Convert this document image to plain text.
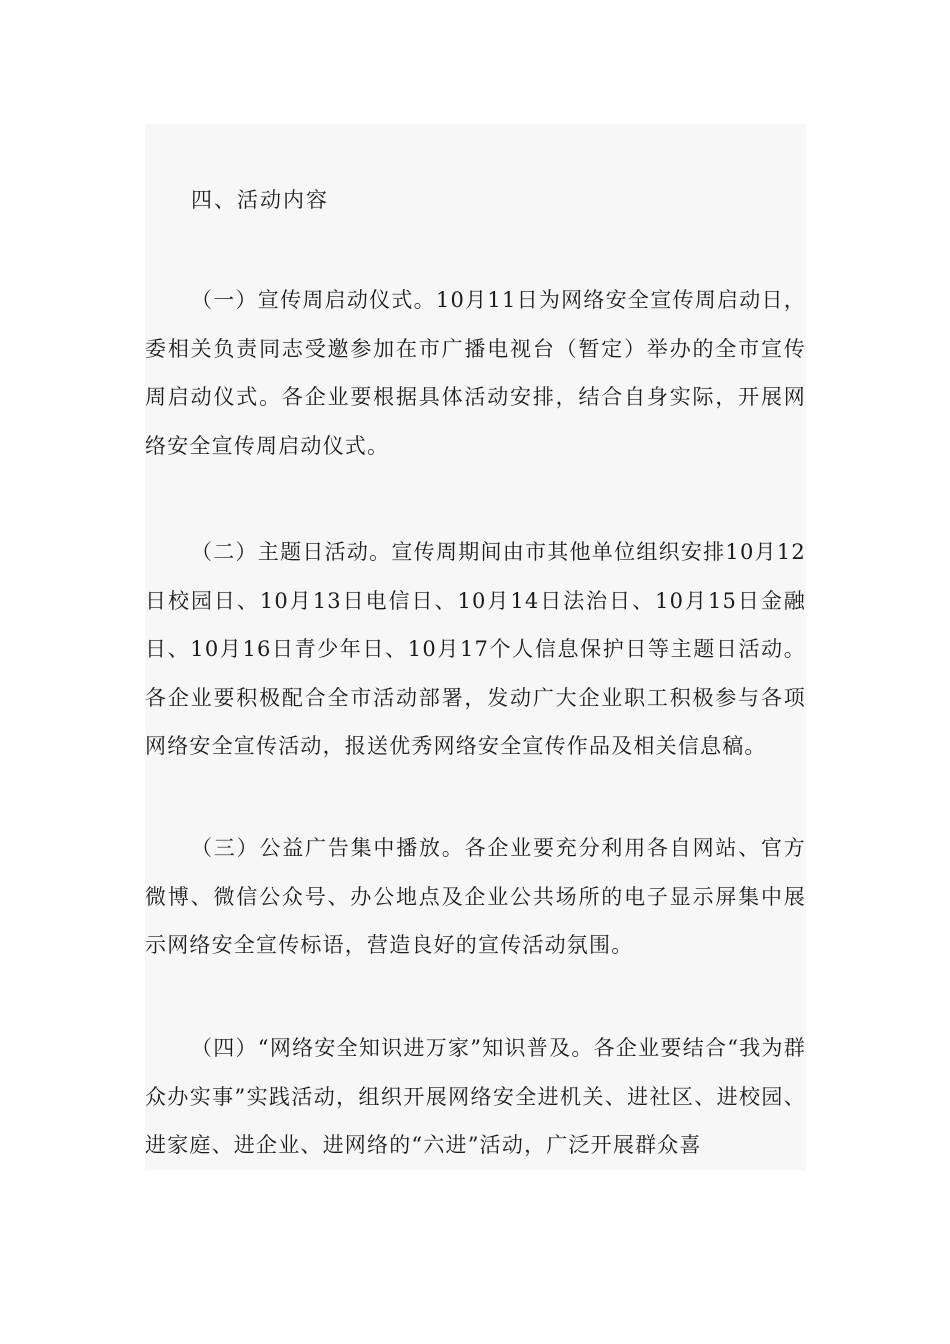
四、活动内容

（一）宣传周启动仪式。10月11日为网络安全宣传周启动日，委相关负责同志受邀参加在市广播电视台（暂定）举办的全市宣传周启动仪式。各企业要根据具体活动安排，结合自身实际，开展网络安全宣传周启动仪式。

（二）主题日活动。宣传周期间由市其他单位组织安排10月12日校园日、10月13日电信日、10月14日法治日、10月15日金融日、10月16日青少年日、10月17个人信息保护日等主题日活动。各企业要积极配合全市活动部署，发动广大企业职工积极参与各项网络安全宣传活动，报送优秀网络安全宣传作品及相关信息稿。

（三）公益广告集中播放。各企业要充分利用各自网站、官方微博、微信公众号、办公地点及企业公共场所的电子显示屏集中展示网络安全宣传标语，营造良好的宣传活动氛围。

（四）“网络安全知识进万家”知识普及。各企业要结合“我为群众办实事”实践活动，组织开展网络安全进机关、进社区、进校园、进家庭、进企业、进网络的“六进”活动，广泛开展群众喜
